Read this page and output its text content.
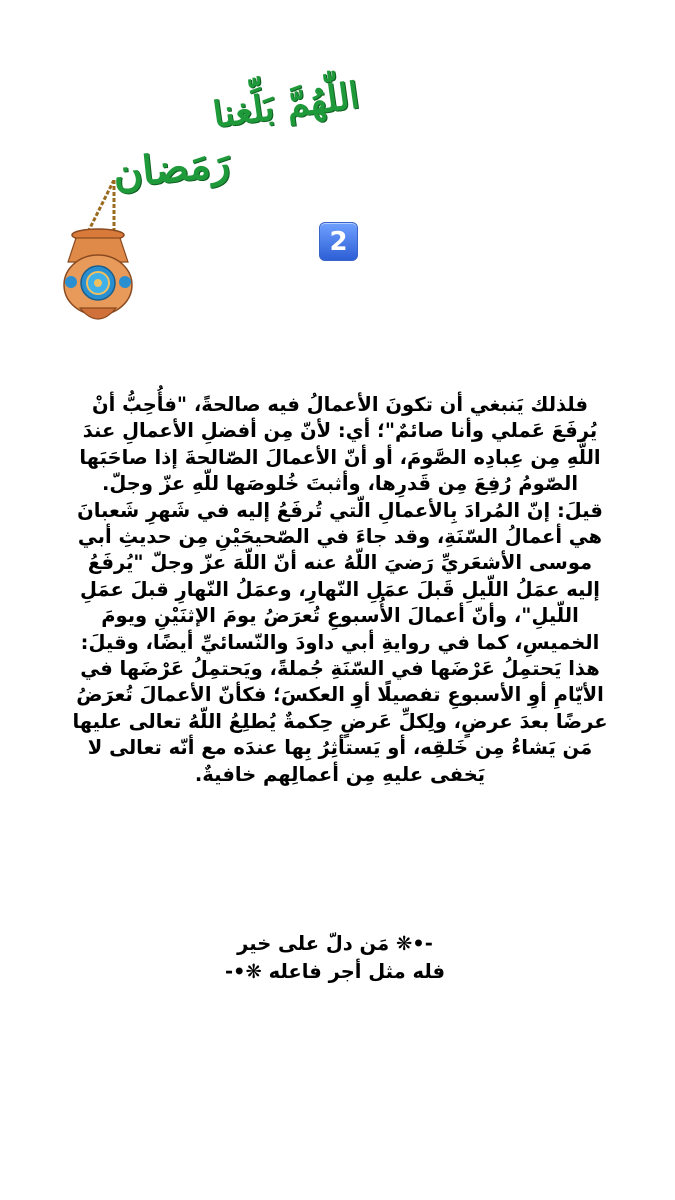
اللّٰهُمَّ بَلِّغنا
رَمَضان
2

فلذلك يَنبغي أن تكونَ الأعمالُ فيه صالحةً، "فأُحِبُّ أنْ يُرفَعَ عَملي وأنا صائمٌ"؛ أي: لأنّ مِن أفضلِ الأعمالِ عندَ اللَّهِ مِن عِبادِه الصَّومَ، أو أنّ الأعمالَ الصّالحةَ إذا صاحَبَها الصّومُ رُفِعَ مِن قَدرِها، وأثبتَ خُلوصَها للّهِ عزّ وجلّ.

قيلَ: إنّ المُرادَ بِالأعمالِ الّتي تُرفَعُ إليه في شَهرِ شَعبانَ هي أعمالُ السّنَةِ، وقد جاءَ في الصّحيحَيْنِ مِن حديثِ أبي موسى الأشعَريِّ رَضيَ اللّهُ عنه أنّ اللّهَ عزّ وجلّ "يُرفَعُ إليه عمَلُ اللّيلِ قَبلَ عمَلِ النّهارِ، وعمَلُ النّهارِ قبلَ عمَلِ اللّيلِ"، وأنّ أعمالَ الأُسبوعِ تُعرَضُ يومَ الإثنَيْنِ ويومَ الخميسِ، كما في روايةِ أبي داودَ والنّسائيِّ أيضًا، وقيلَ: هذا يَحتمِلُ عَرْضَها في السّنَةِ جُملةً، ويَحتمِلُ عَرْضَها في الأيّامِ أوِ الأسبوعِ تفصيلًا أوِ العكسَ؛ فكأنّ الأعمالَ تُعرَضُ عرضًا بعدَ عرضٍ، ولِكلِّ عَرضٍ حِكمةٌ يُطلِعُ اللّهُ تعالى عليها مَن يَشاءُ مِن خَلقِه، أو يَستأثِرُ بِها عندَه مع أنّه تعالى لا يَخفى عليهِ مِن أعمالِهم خافيةٌ.

-•❋ مَن دلّ على خير

فله مثل أجر فاعله ❋•-
